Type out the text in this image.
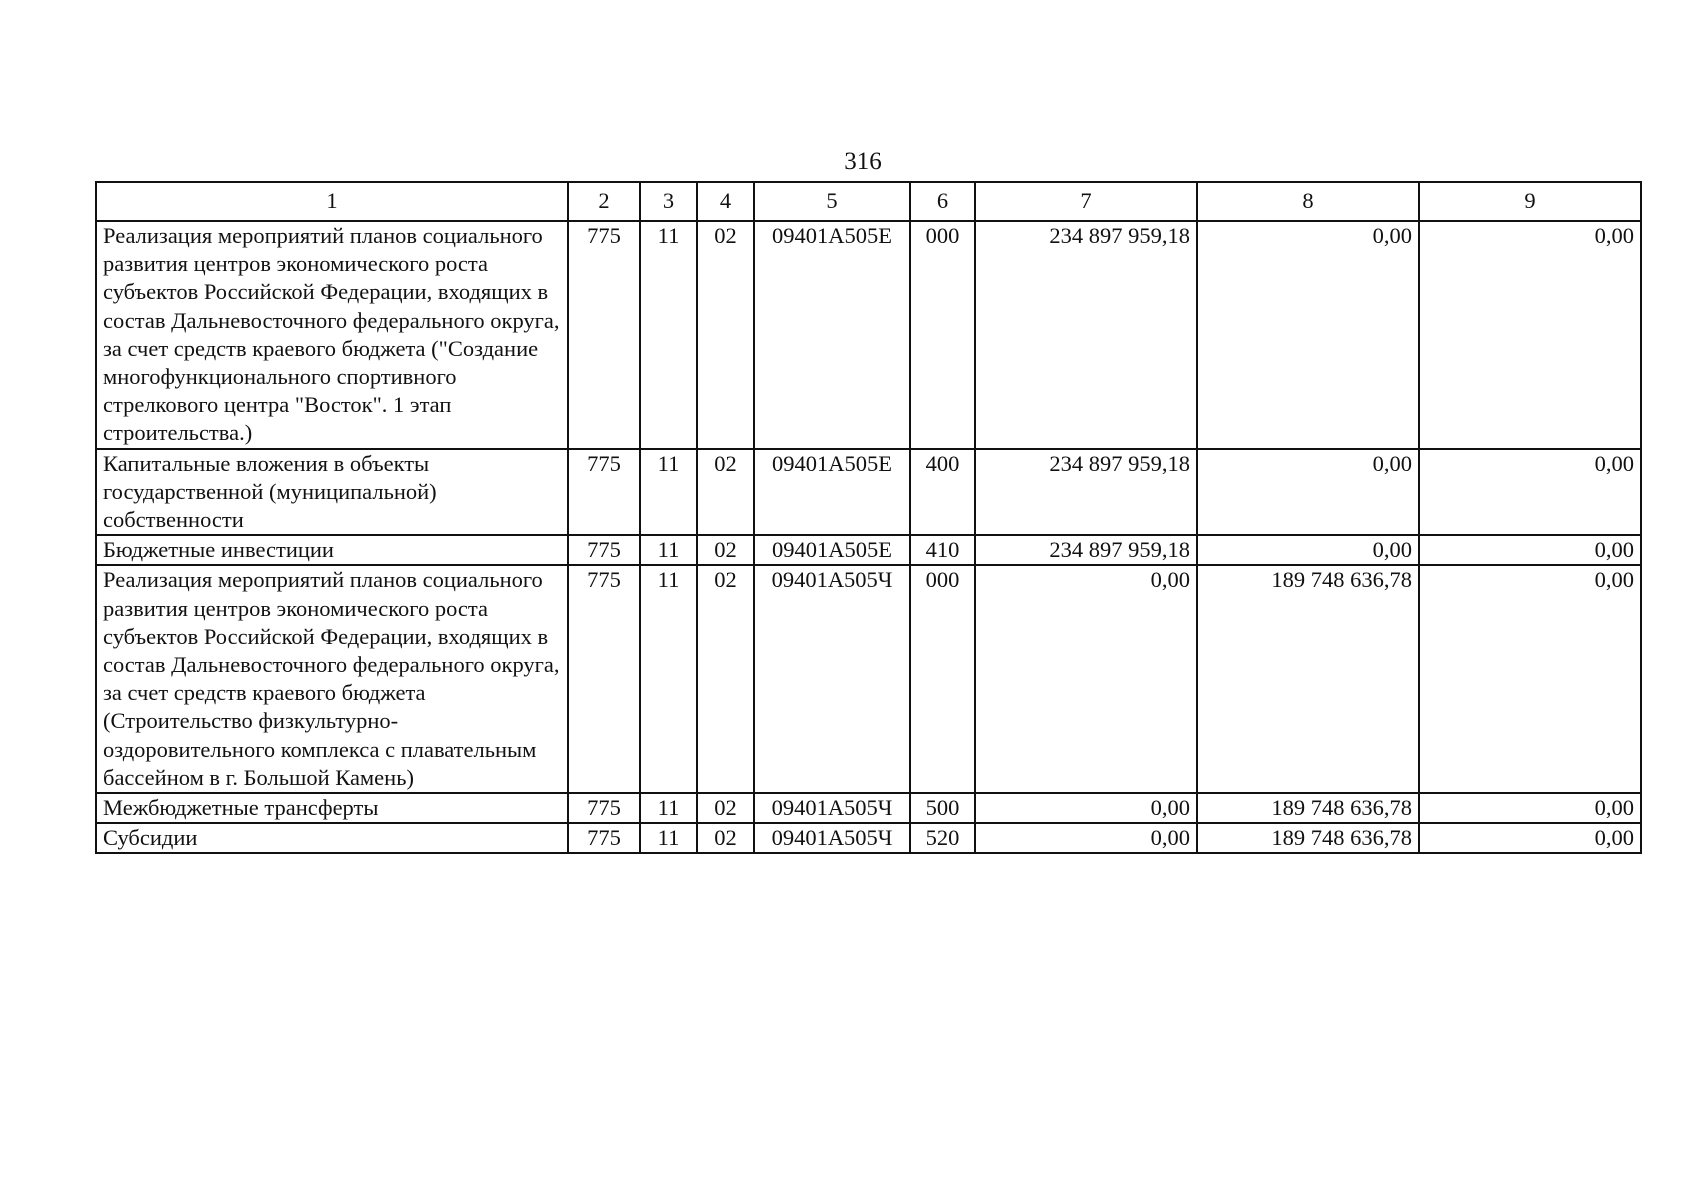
316
1	2	3	4	5	6	7	8	9
Реализация мероприятий планов социального развития центров экономического роста субъектов Российской Федерации, входящих в состав Дальневосточного федерального округа, за счет средств краевого бюджета ("Создание многофункционального спортивного стрелкового центра "Восток". 1 этап строительства.)	775	11	02	09401A505E	000	234 897 959,18	0,00	0,00
Капитальные вложения в объекты государственной (муниципальной) собственности	775	11	02	09401A505E	400	234 897 959,18	0,00	0,00
Бюджетные инвестиции	775	11	02	09401A505E	410	234 897 959,18	0,00	0,00
Реализация мероприятий планов социального развития центров экономического роста субъектов Российской Федерации, входящих в состав Дальневосточного федерального округа, за счет средств краевого бюджета (Строительство физкультурно-оздоровительного комплекса с плавательным бассейном в г. Большой Камень)	775	11	02	09401A505Ч	000	0,00	189 748 636,78	0,00
Межбюджетные трансферты	775	11	02	09401A505Ч	500	0,00	189 748 636,78	0,00
Субсидии	775	11	02	09401A505Ч	520	0,00	189 748 636,78	0,00
